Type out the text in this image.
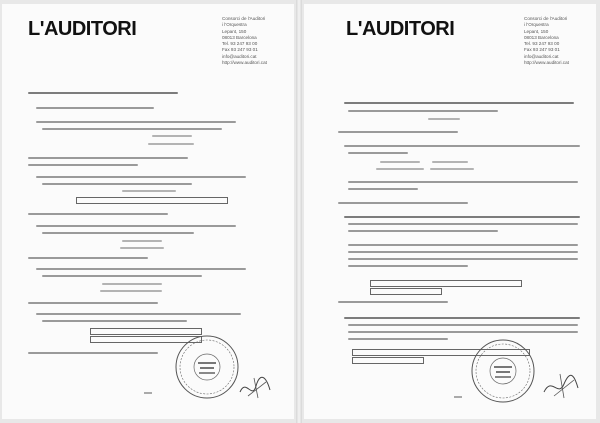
L'AUDITORI	Consorci de l'Auditori
i l'Orquestra
Lepant, 150
08013 Barcelona
Tel. 93 247 93 00
Fax 93 247 93 01
info@auditori.cat
http://www.auditori.cat
L'AUDITORI	Consorci de l'Auditori
i l'Orquestra
Lepant, 150
08013 Barcelona
Tel. 93 247 93 00
Fax 93 247 93 01
info@auditori.cat
http://www.auditori.cat
